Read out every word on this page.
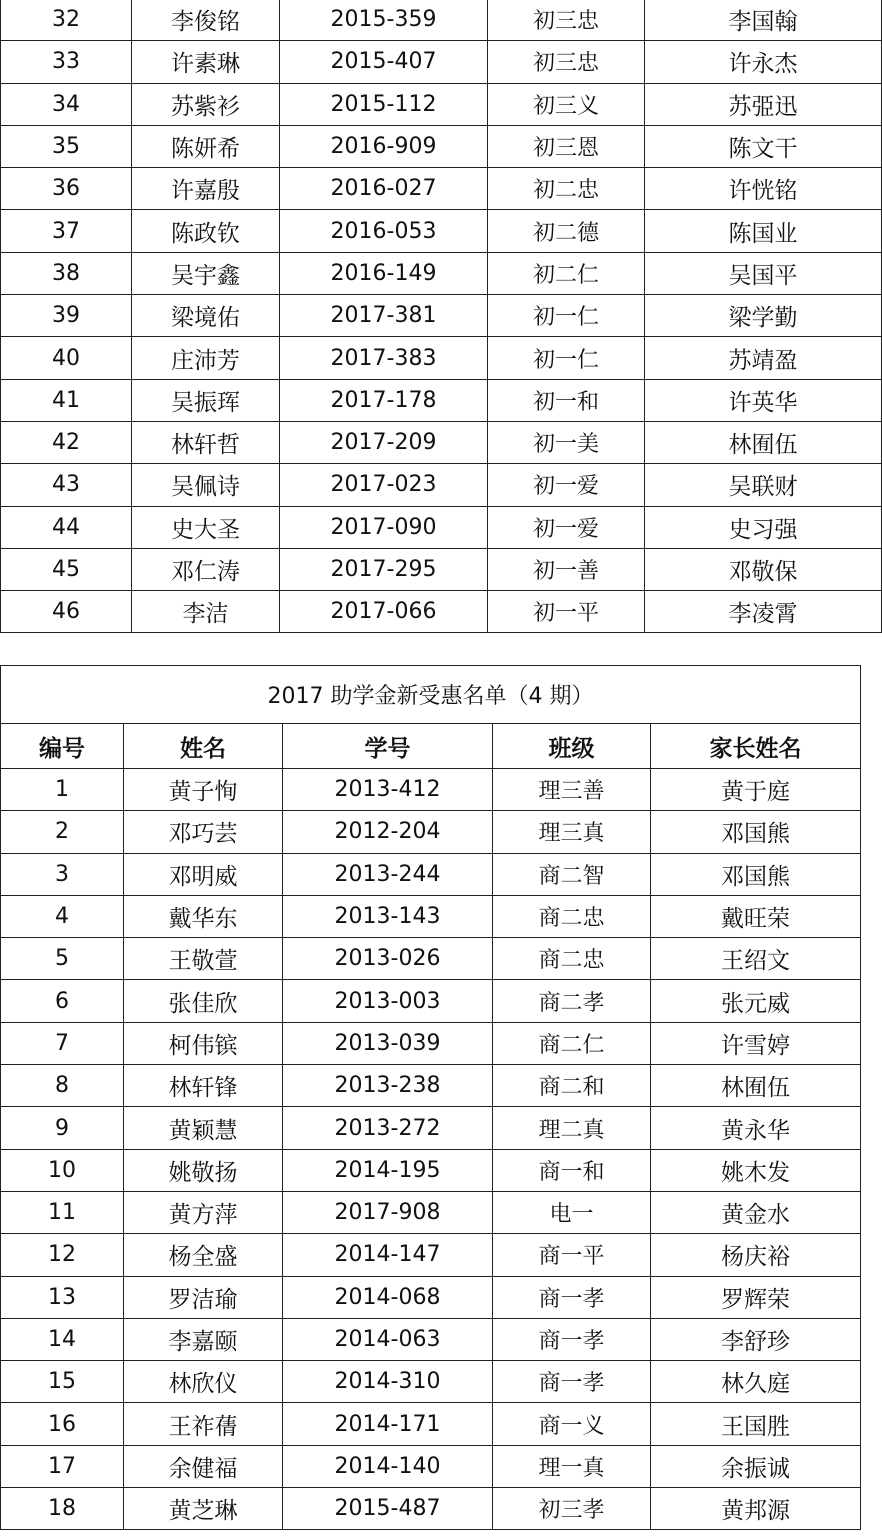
32	李俊铭	2015-359	初三忠	李国翰
33	许素琳	2015-407	初三忠	许永杰
34	苏紫衫	2015-112	初三义	苏弫迅
35	陈妍希	2016-909	初三恩	陈文干
36	许嘉殷	2016-027	初二忠	许恍铭
37	陈政钦	2016-053	初二德	陈国业
38	吴宇鑫	2016-149	初二仁	吴国平
39	梁境佑	2017-381	初一仁	梁学勤
40	庄沛芳	2017-383	初一仁	苏靖盈
41	吴振珲	2017-178	初一和	许英华
42	林轩哲	2017-209	初一美	林囿伍
43	吴佩诗	2017-023	初一爱	吴联财
44	史大圣	2017-090	初一爱	史习强
45	邓仁涛	2017-295	初一善	邓敬保
46	李洁	2017-066	初一平	李凌霄
2017 助学金新受惠名单（4 期）				
编号	姓名	学号	班级	家长姓名
1	黄子恂	2013-412	理三善	黄于庭
2	邓巧芸	2012-204	理三真	邓国熊
3	邓明威	2013-244	商二智	邓国熊
4	戴华东	2013-143	商二忠	戴旺荣
5	王敬萱	2013-026	商二忠	王绍文
6	张佳欣	2013-003	商二孝	张元威
7	柯伟镔	2013-039	商二仁	许雪婷
8	林轩锋	2013-238	商二和	林囿伍
9	黄颖慧	2013-272	理二真	黄永华
10	姚敬扬	2014-195	商一和	姚木发
11	黄方萍	2017-908	电一	黄金水
12	杨全盛	2014-147	商一平	杨庆裕
13	罗洁瑜	2014-068	商一孝	罗辉荣
14	李嘉颐	2014-063	商一孝	李舒珍
15	林欣仪	2014-310	商一孝	林久庭
16	王祚蒨	2014-171	商一义	王国胜
17	余健福	2014-140	理一真	余振诚
18	黄芝琳	2015-487	初三孝	黄邦源
